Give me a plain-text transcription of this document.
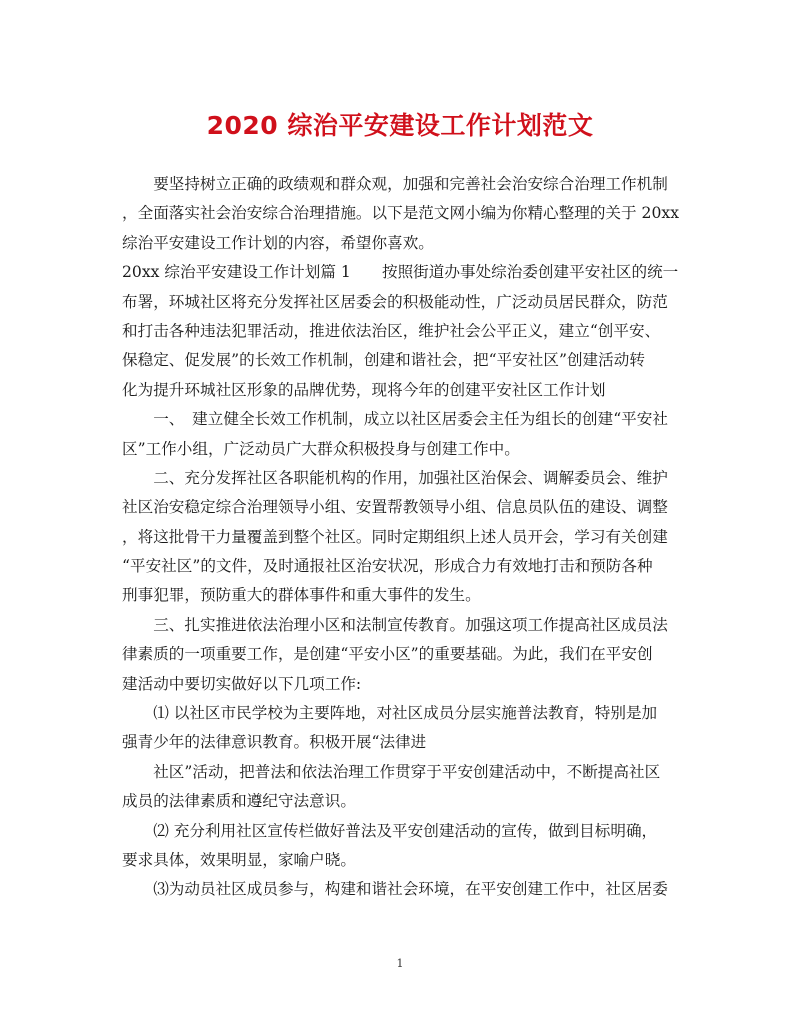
2020 综治平安建设工作计划范文
　　要坚持树立正确的政绩观和群众观，加强和完善社会治安综合治理工作机制
，全面落实社会治安综合治理措施。以下是范文网小编为你精心整理的关于 20xx
综治平安建设工作计划的内容，希望你喜欢。
20xx 综治平安建设工作计划篇 1　　按照街道办事处综治委创建平安社区的统一
布署，环城社区将充分发挥社区居委会的积极能动性，广泛动员居民群众，防范
和打击各种违法犯罪活动，推进依法治区，维护社会公平正义，建立“创平安、
保稳定、促发展”的长效工作机制，创建和谐社会，把“平安社区”创建活动转
化为提升环城社区形象的品牌优势，现将今年的创建平安社区工作计划
　　一、　建立健全长效工作机制，成立以社区居委会主任为组长的创建“平安社
区”工作小组，广泛动员广大群众积极投身与创建工作中。
　　二、充分发挥社区各职能机构的作用，加强社区治保会、调解委员会、维护
社区治安稳定综合治理领导小组、安置帮教领导小组、信息员队伍的建设、调整
，将这批骨干力量覆盖到整个社区。同时定期组织上述人员开会，学习有关创建
“平安社区”的文件，及时通报社区治安状况，形成合力有效地打击和预防各种
刑事犯罪，预防重大的群体事件和重大事件的发生。
　　三、扎实推进依法治理小区和法制宣传教育。加强这项工作提高社区成员法
律素质的一项重要工作，是创建“平安小区”的重要基础。为此，我们在平安创
建活动中要切实做好以下几项工作:
　　⑴ 以社区市民学校为主要阵地，对社区成员分层实施普法教育，特别是加
强青少年的法律意识教育。积极开展“法律进
　　社区”活动，把普法和依法治理工作贯穿于平安创建活动中，不断提高社区
成员的法律素质和遵纪守法意识。
　　⑵ 充分利用社区宣传栏做好普法及平安创建活动的宣传，做到目标明确，
要求具体，效果明显，家喻户晓。
　　⑶为动员社区成员参与，构建和谐社会环境，在平安创建工作中，社区居委
1
